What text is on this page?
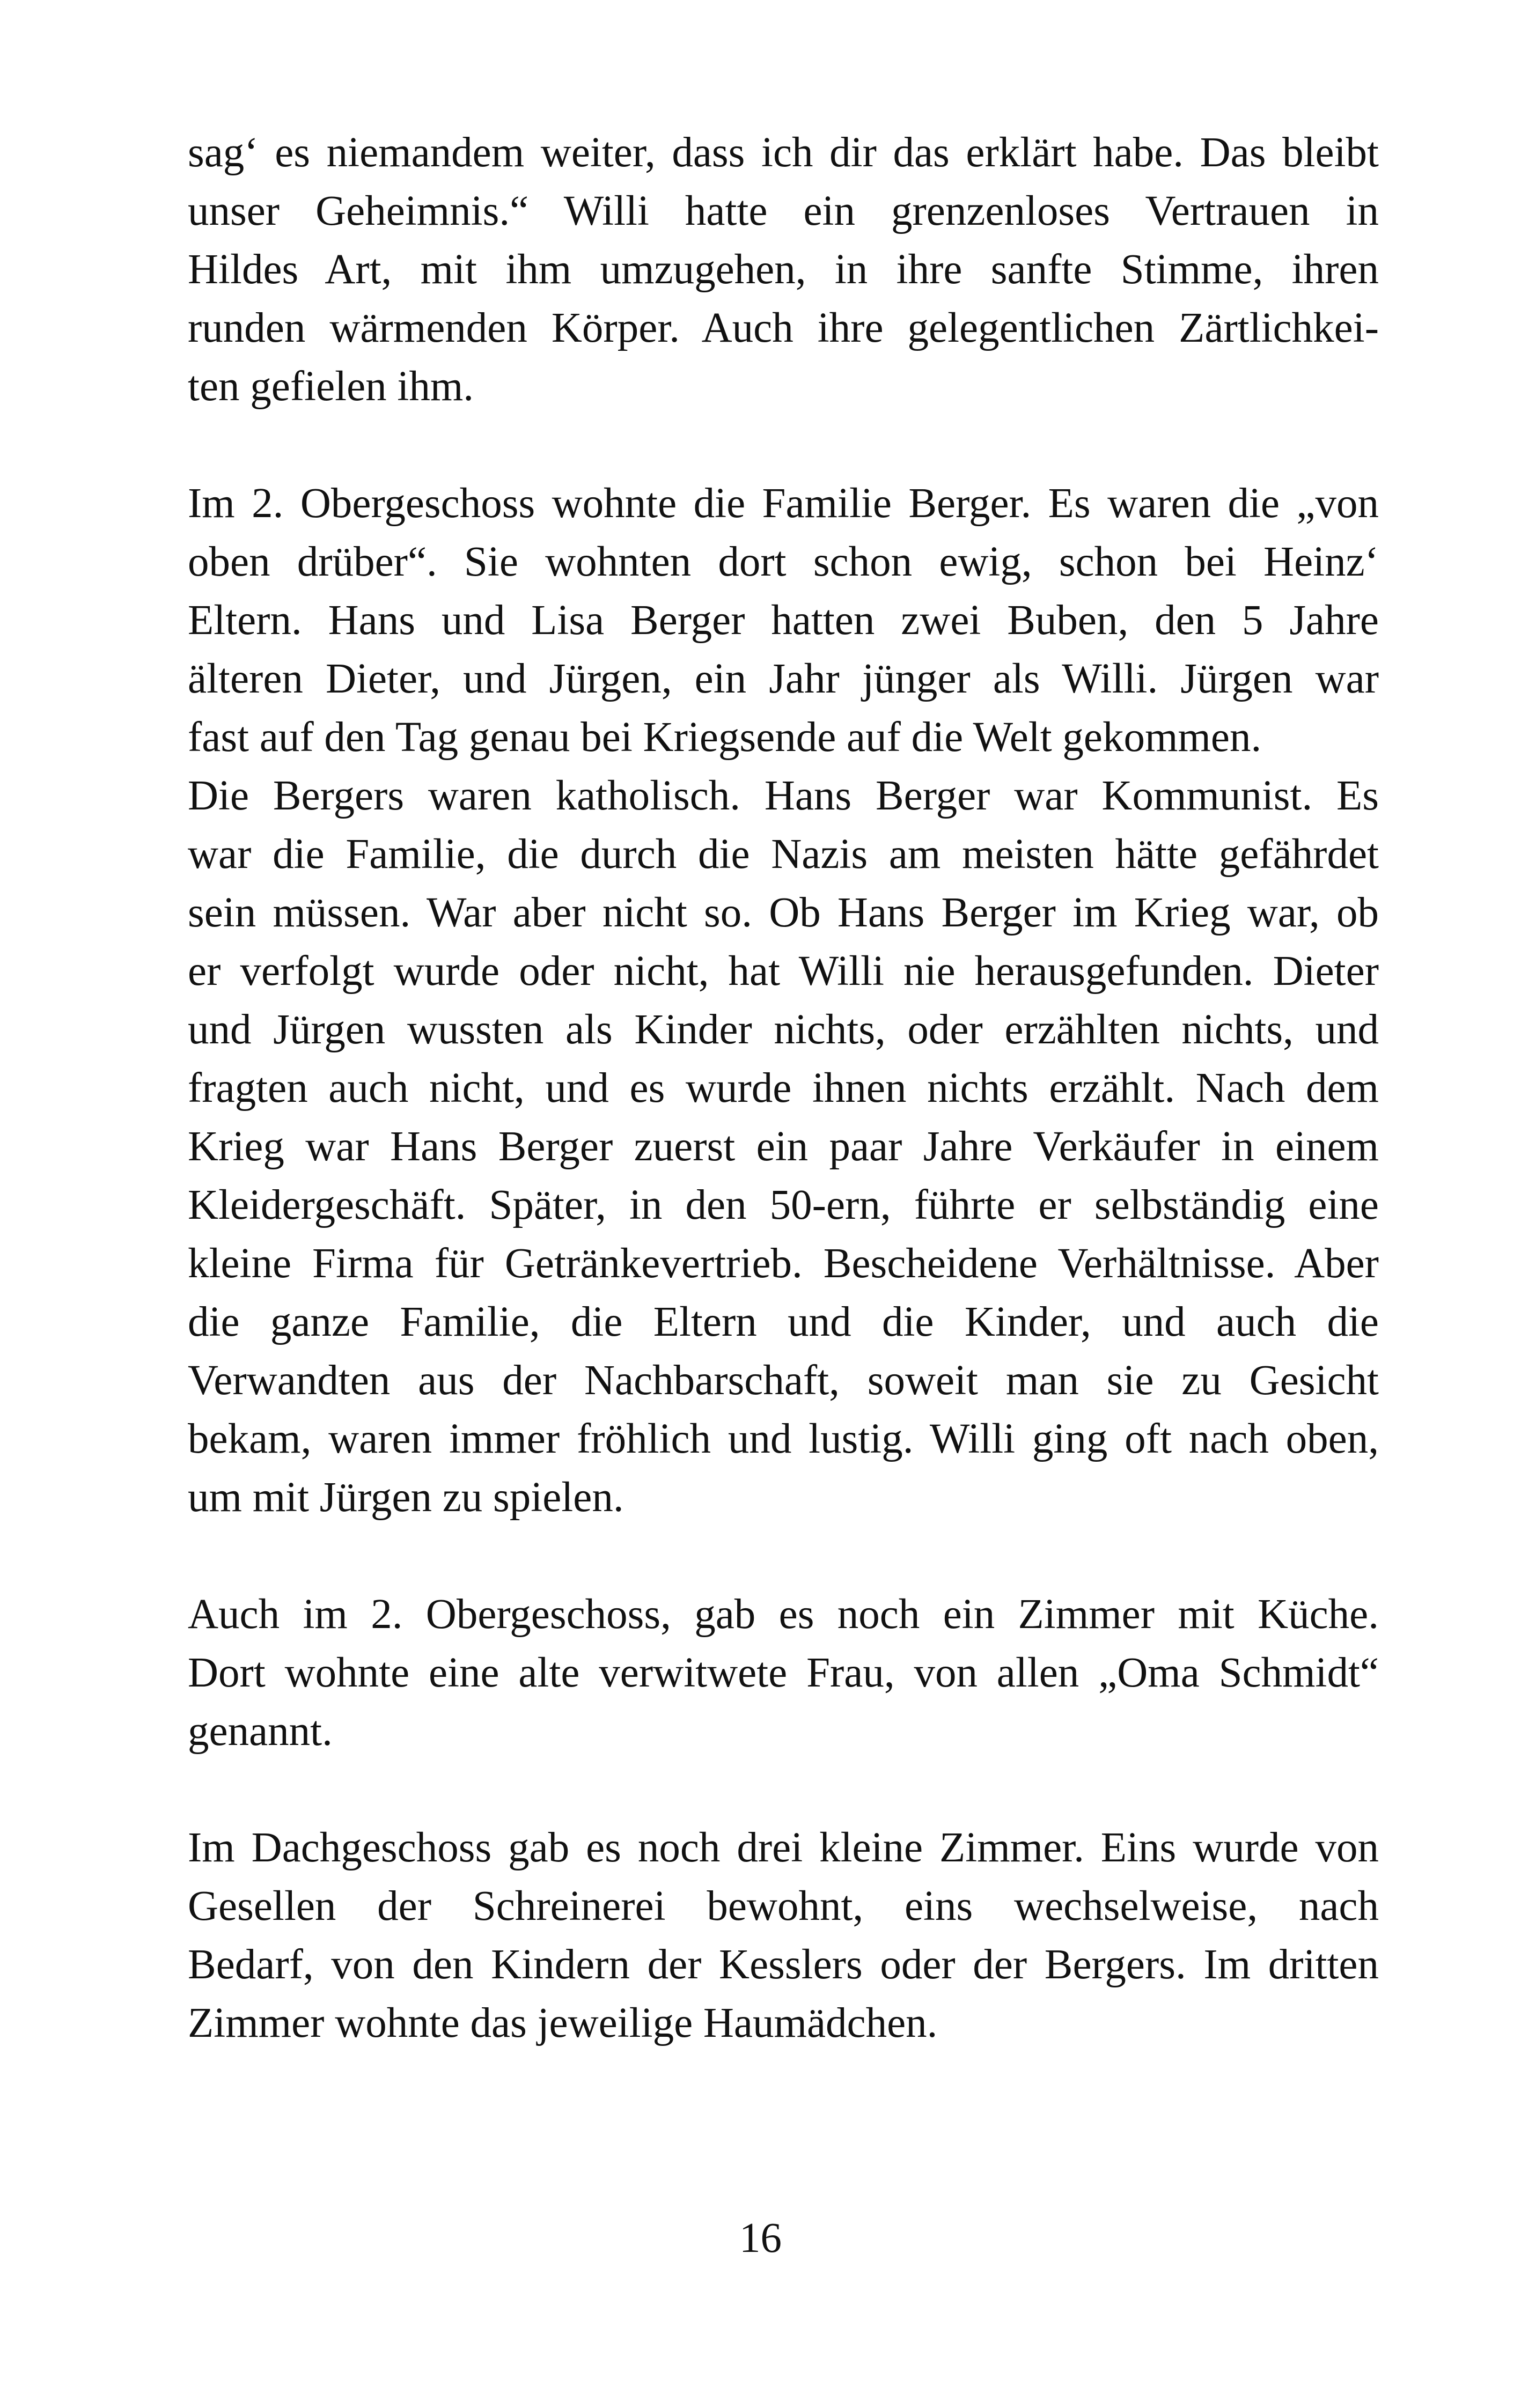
sag‘ es niemandem weiter, dass ich dir das erklärt habe. Das bleibt
unser Geheimnis.“ Willi hatte ein grenzenloses Vertrauen in
Hildes Art, mit ihm umzugehen, in ihre sanfte Stimme, ihren
runden wärmenden Körper. Auch ihre gelegentlichen Zärtlichkei-
ten gefielen ihm.
Im 2. Obergeschoss wohnte die Familie Berger. Es waren die „von
oben drüber“. Sie wohnten dort schon ewig, schon bei Heinz‘
Eltern. Hans und Lisa Berger hatten zwei Buben, den 5 Jahre
älteren Dieter, und Jürgen, ein Jahr jünger als Willi. Jürgen war
fast auf den Tag genau bei Kriegsende auf die Welt gekommen.
Die Bergers waren katholisch. Hans Berger war Kommunist. Es
war die Familie, die durch die Nazis am meisten hätte gefährdet
sein müssen. War aber nicht so. Ob Hans Berger im Krieg war, ob
er verfolgt wurde oder nicht, hat Willi nie herausgefunden. Dieter
und Jürgen wussten als Kinder nichts, oder erzählten nichts, und
fragten auch nicht, und es wurde ihnen nichts erzählt. Nach dem
Krieg war Hans Berger zuerst ein paar Jahre Verkäufer in einem
Kleidergeschäft. Später, in den 50-ern, führte er selbständig eine
kleine Firma für Getränkevertrieb. Bescheidene Verhältnisse. Aber
die ganze Familie, die Eltern und die Kinder, und auch die
Verwandten aus der Nachbarschaft, soweit man sie zu Gesicht
bekam, waren immer fröhlich und lustig. Willi ging oft nach oben,
um mit Jürgen zu spielen.
Auch im 2. Obergeschoss, gab es noch ein Zimmer mit Küche.
Dort wohnte eine alte verwitwete Frau, von allen „Oma Schmidt“
genannt.
Im Dachgeschoss gab es noch drei kleine Zimmer. Eins wurde von
Gesellen der Schreinerei bewohnt, eins wechselweise, nach
Bedarf, von den Kindern der Kesslers oder der Bergers. Im dritten
Zimmer wohnte das jeweilige Haumädchen.
16
